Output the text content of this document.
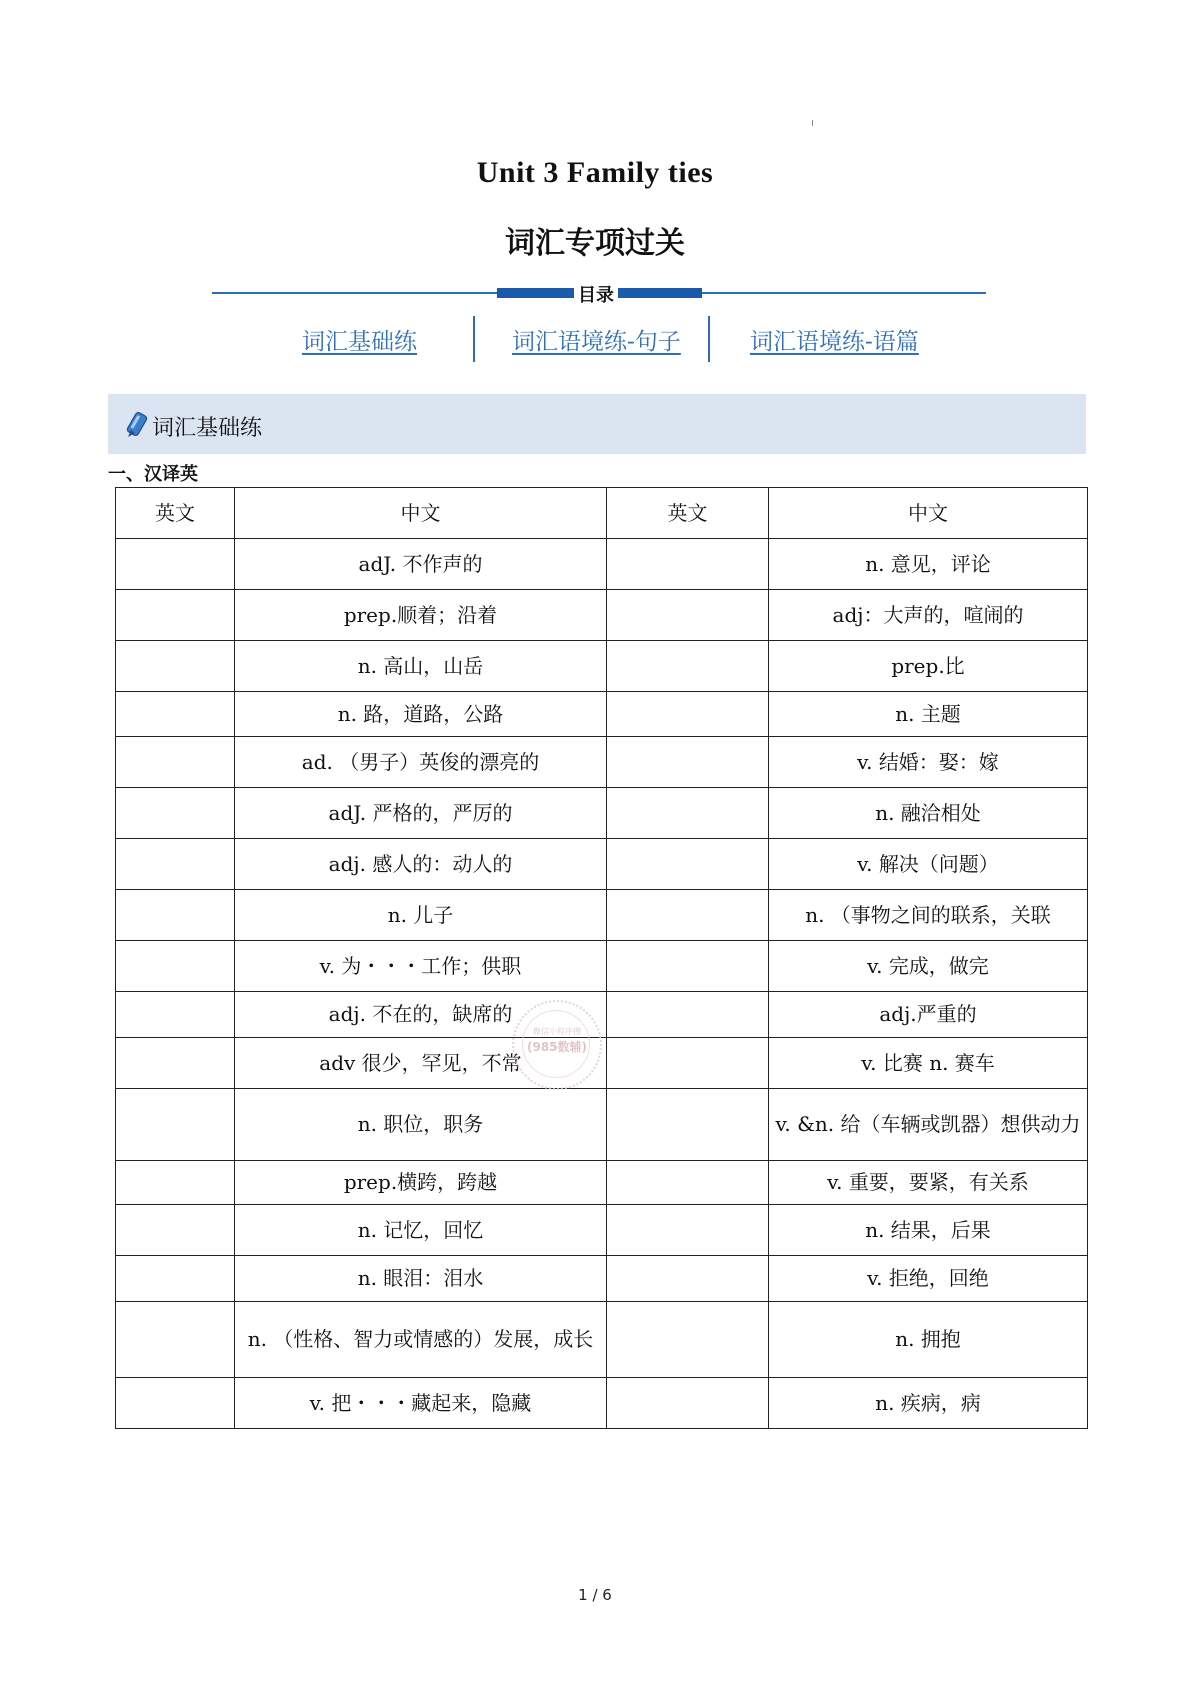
Unit 3 Family ties
词汇专项过关
目录
词汇基础练	词汇语境练-句子	词汇语境练-语篇
词汇基础练
一、汉译英
英文	中文	英文	中文
	adJ. 不作声的		n. 意见，评论
	prep.顺着；沿着		adj：大声的，喧闹的
	n. 高山，山岳		prep.比
	n. 路，道路，公路		n. 主题
	ad. （男子）英俊的漂亮的		v. 结婚：娶：嫁
	adJ. 严格的，严厉的		n. 融洽相处
	adj. 感人的：动人的		v. 解决（问题）
	n. 儿子		n. （事物之间的联系，关联
	v. 为・・・工作；供职		v. 完成，做完
	adj. 不在的，缺席的		adj.严重的
	adv 很少，罕见，不常		v. 比赛 n. 赛车
	n. 职位，职务		v. &n. 给（车辆或凯器）想供动力
	prep.横跨，跨越		v. 重要，要紧，有关系
	n. 记忆，回忆		n. 结果，后果
	n. 眼泪：泪水		v. 拒绝，回绝
	n. （性格、智力或情感的）发展，成长		n. 拥抱
	v. 把・・・藏起来，隐藏		n. 疾病，病
微信小程序搜
(985数辅)
1 / 6
